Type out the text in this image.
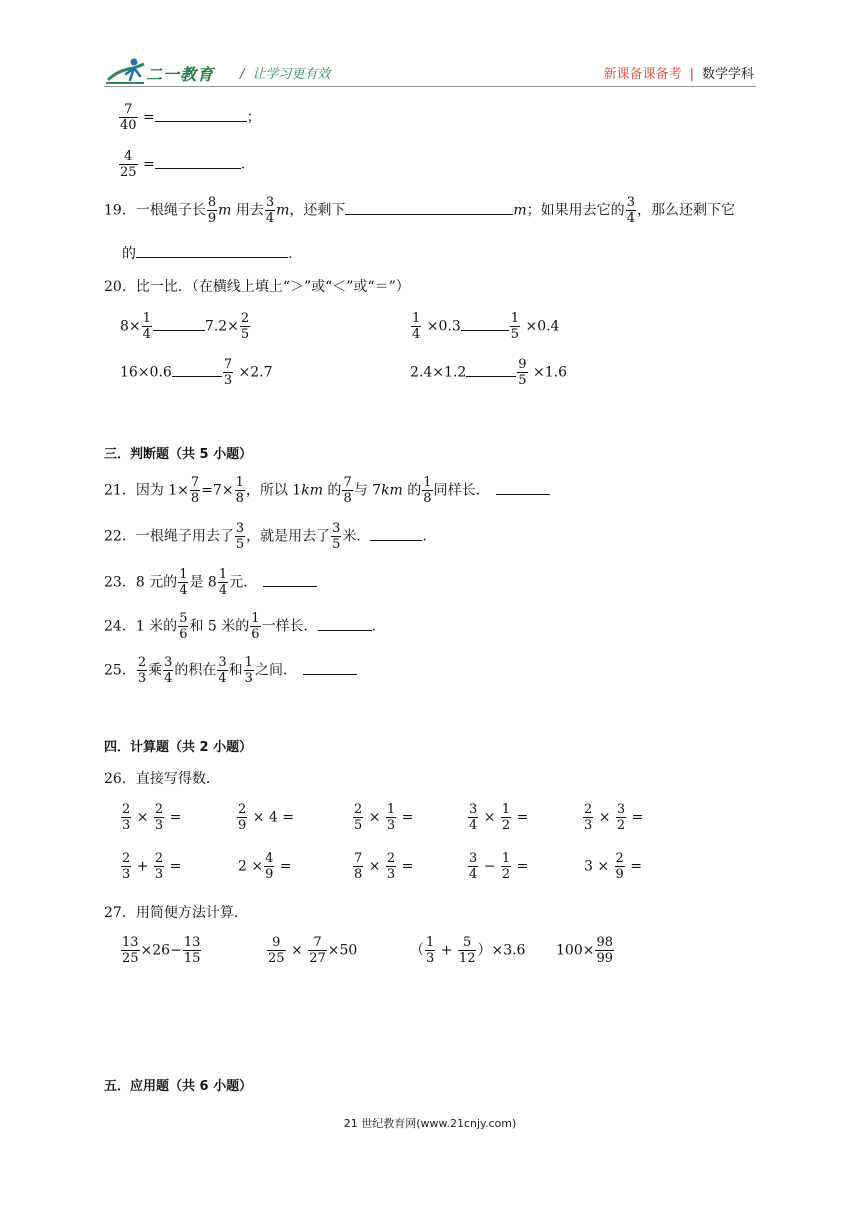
二一教育 / 让学习更有效	新课备课备考 | 数学学科
$\frac{7}{40}$ =	；
$\frac{4}{25}$ =	.
19．一根绳子长 $\frac{8}{9}$ m 用去 $\frac{3}{4}$ m，还剩下	m；如果用去它的 $\frac{3}{4}$ ，那么还剩下它
的	.
20．比一比．（在横线上填上“＞”或“＜”或“＝”）
$8\times \frac{1}{4}$	$7.2\times \frac{2}{5}$	$\frac{1}{4} \times 0.3$	$\frac{1}{5} \times 0.4$
16×0.6	$\frac{7}{3} \times 2.7$	2.4×1.2	$\frac{9}{5} \times 1.6$
三．判断题（共 5 小题）
21．因为 $1\times \frac{7}{8} =7\times \frac{1}{8}$ ，所以 1km 的 $\frac{7}{8}$ 与 7km 的 $\frac{1}{8}$ 同样长．
22．一根绳子用去了 $\frac{3}{5}$ ，就是用去了 $\frac{3}{5}$ 米．	.
23．8 元的 $\frac{1}{4}$ 是 $8 \frac{1}{4}$ 元．
24．1 米的 $\frac{5}{6}$ 和 5 米的 $\frac{1}{6}$ 一样长．	.
25． $\frac{2}{3}$ 乘 $\frac{3}{4}$ 的积在 $\frac{3}{4}$ 和 $\frac{1}{3}$ 之间．
四．计算题（共 2 小题）
26．直接写得数．
$\frac{2}{3} \times \frac{2}{3}$ =	$\frac{2}{9} \times 4$ =	$\frac{2}{5} \times \frac{1}{3}$ =	$\frac{3}{4} \times \frac{1}{2}$ =	$\frac{2}{3} \times \frac{3}{2}$ =
$\frac{2}{3} + \frac{2}{3}$ =	$2 \times \frac{4}{9}$ =	$\frac{7}{8} \times \frac{2}{3}$ =	$\frac{3}{4} - \frac{1}{2}$ =	$3 \times \frac{2}{9}$ =
27．用简便方法计算．
$\frac{13}{25} \times 26- \frac{13}{15}$	$\frac{9}{25} \times \frac{7}{27} \times 50$	（ $\frac{1}{3} + \frac{5}{12} )\times 3.6$ $100\times \frac{98}{99}$
五．应用题（共 6 小题）
21 世纪教育网(www.21cnjy.com)
